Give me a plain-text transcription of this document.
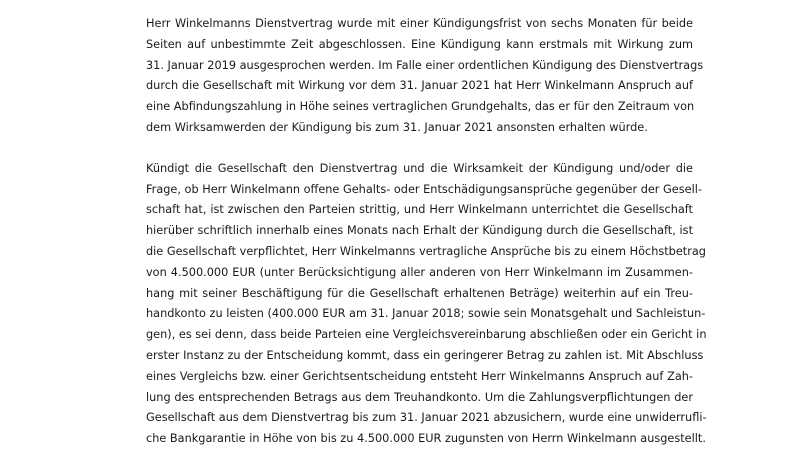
Herr Winkelmanns Dienstvertrag wurde mit einer Kündigungsfrist von sechs Monaten für beide
Seiten auf unbestimmte Zeit abgeschlossen. Eine Kündigung kann erstmals mit Wirkung zum
31. Januar 2019 ausgesprochen werden. Im Falle einer ordentlichen Kündigung des Dienstvertrags
durch die Gesellschaft mit Wirkung vor dem 31. Januar 2021 hat Herr Winkelmann Anspruch auf
eine Abfindungszahlung in Höhe seines vertraglichen Grundgehalts, das er für den Zeitraum von
dem Wirksamwerden der Kündigung bis zum 31. Januar 2021 ansonsten erhalten würde.

Kündigt die Gesellschaft den Dienstvertrag und die Wirksamkeit der Kündigung und/oder die
Frage, ob Herr Winkelmann offene Gehalts- oder Entschädigungsansprüche gegenüber der Gesell-
schaft hat, ist zwischen den Parteien strittig, und Herr Winkelmann unterrichtet die Gesellschaft
hierüber schriftlich innerhalb eines Monats nach Erhalt der Kündigung durch die Gesellschaft, ist
die Gesellschaft verpflichtet, Herr Winkelmanns vertragliche Ansprüche bis zu einem Höchstbetrag
von 4.500.000 EUR (unter Berücksichtigung aller anderen von Herr Winkelmann im Zusammen-
hang mit seiner Beschäftigung für die Gesellschaft erhaltenen Beträge) weiterhin auf ein Treu-
handkonto zu leisten (400.000 EUR am 31. Januar 2018; sowie sein Monatsgehalt und Sachleistun-
gen), es sei denn, dass beide Parteien eine Vergleichsvereinbarung abschließen oder ein Gericht in
erster Instanz zu der Entscheidung kommt, dass ein geringerer Betrag zu zahlen ist. Mit Abschluss
eines Vergleichs bzw. einer Gerichtsentscheidung entsteht Herr Winkelmanns Anspruch auf Zah-
lung des entsprechenden Betrags aus dem Treuhandkonto. Um die Zahlungsverpflichtungen der
Gesellschaft aus dem Dienstvertrag bis zum 31. Januar 2021 abzusichern, wurde eine unwiderrufli-
che Bankgarantie in Höhe von bis zu 4.500.000 EUR zugunsten von Herrn Winkelmann ausgestellt.
